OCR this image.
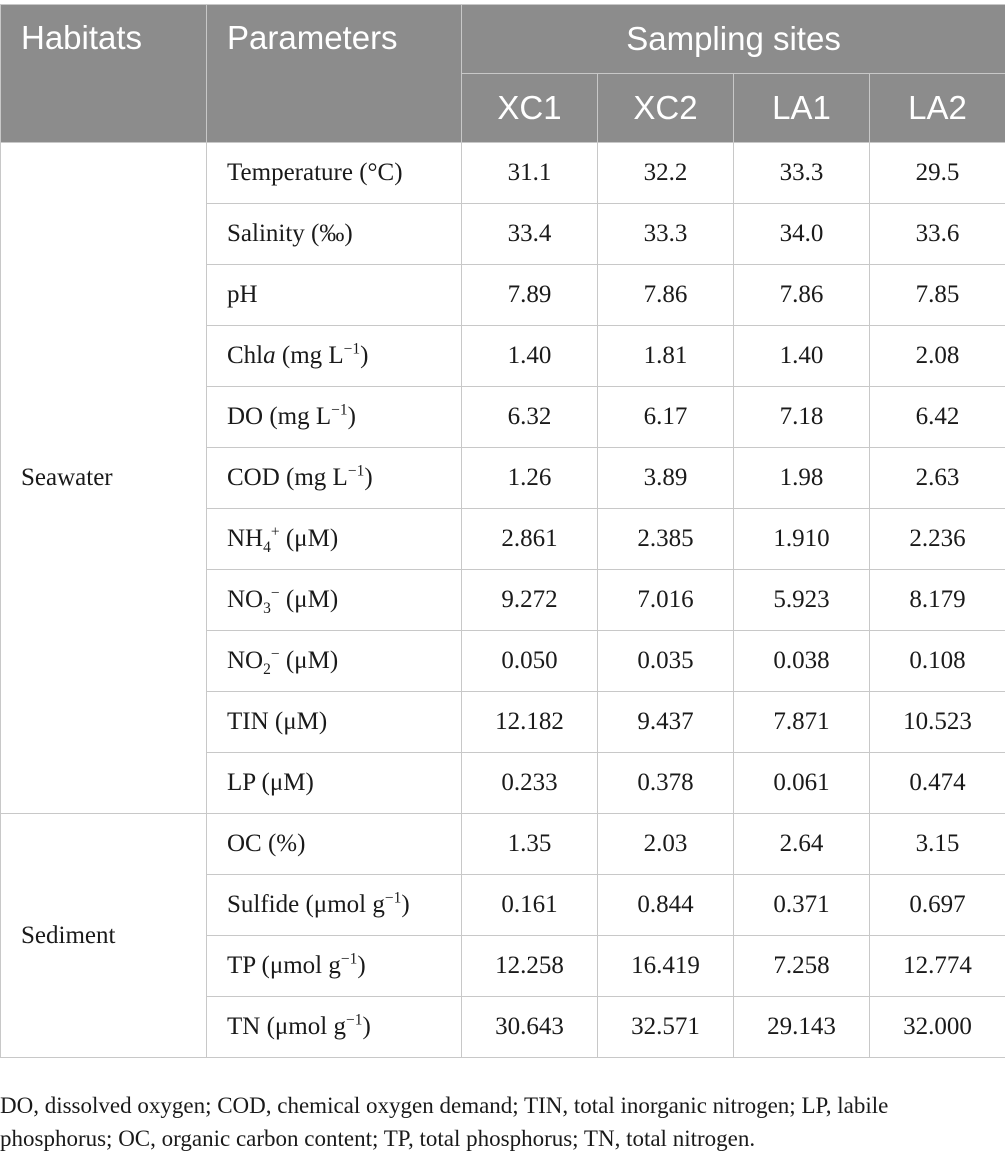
Habitats	Parameters	Sampling sites			
		XC1	XC2	LA1	LA2
Seawater	Temperature (°C)	31.1	32.2	33.3	29.5
	Salinity (‰)	33.4	33.3	34.0	33.6
	pH	7.89	7.86	7.86	7.85
	Chla (mg $L^{-1}$)	1.40	1.81	1.40	2.08
	DO (mg $L^{-1}$)	6.32	6.17	7.18	6.42
	COD (mg $L^{-1}$)	1.26	3.89	1.98	2.63
	$NH_4^+$ (μM)	2.861	2.385	1.910	2.236
	$NO_3^-$ (μM)	9.272	7.016	5.923	8.179
	$NO_2^-$ (μM)	0.050	0.035	0.038	0.108
	TIN (μM)	12.182	9.437	7.871	10.523
	LP (μM)	0.233	0.378	0.061	0.474
Sediment	OC (%)	1.35	2.03	2.64	3.15
	Sulfide (μmol $g^{-1}$)	0.161	0.844	0.371	0.697
	TP (μmol $g^{-1}$)	12.258	16.419	7.258	12.774
	TN (μmol $g^{-1}$)	30.643	32.571	29.143	32.000
DO, dissolved oxygen; COD, chemical oxygen demand; TIN, total inorganic nitrogen; LP, labile phosphorus; OC, organic carbon content; TP, total phosphorus; TN, total nitrogen.
